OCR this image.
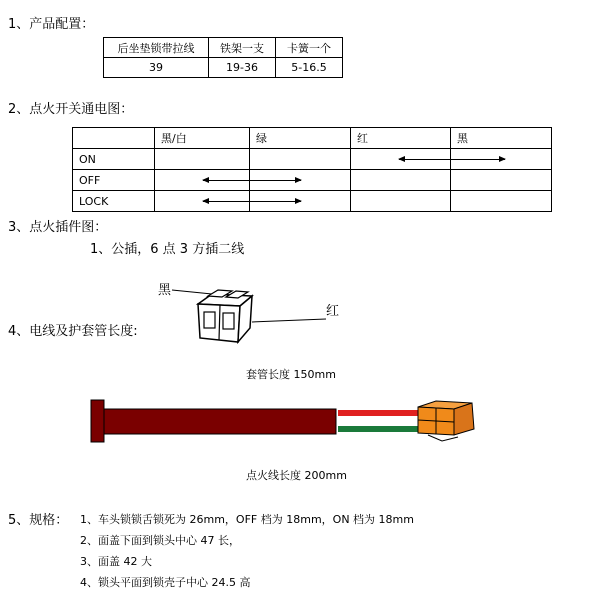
1、产品配置：
后坐垫锁带拉线	铁架一支	卡簧一个
39	19-36	5-16.5
2、点火开关通电图：
	黑/白	绿	红	黑
ON			

OFF	

LOCK	

3、点火插件图：
1、公插，6 点 3 方插二线
黑
红
4、电线及护套管长度:
套管长度 150mm
点火线长度 200mm
5、规格： 1、车头锁锁舌锁死为 26mm，OFF 档为 18mm，ON 档为 18mm
2、面盖下面到锁头中心 47 长，
3、面盖 42 大
4、锁头平面到锁壳子中心 24.5 高
